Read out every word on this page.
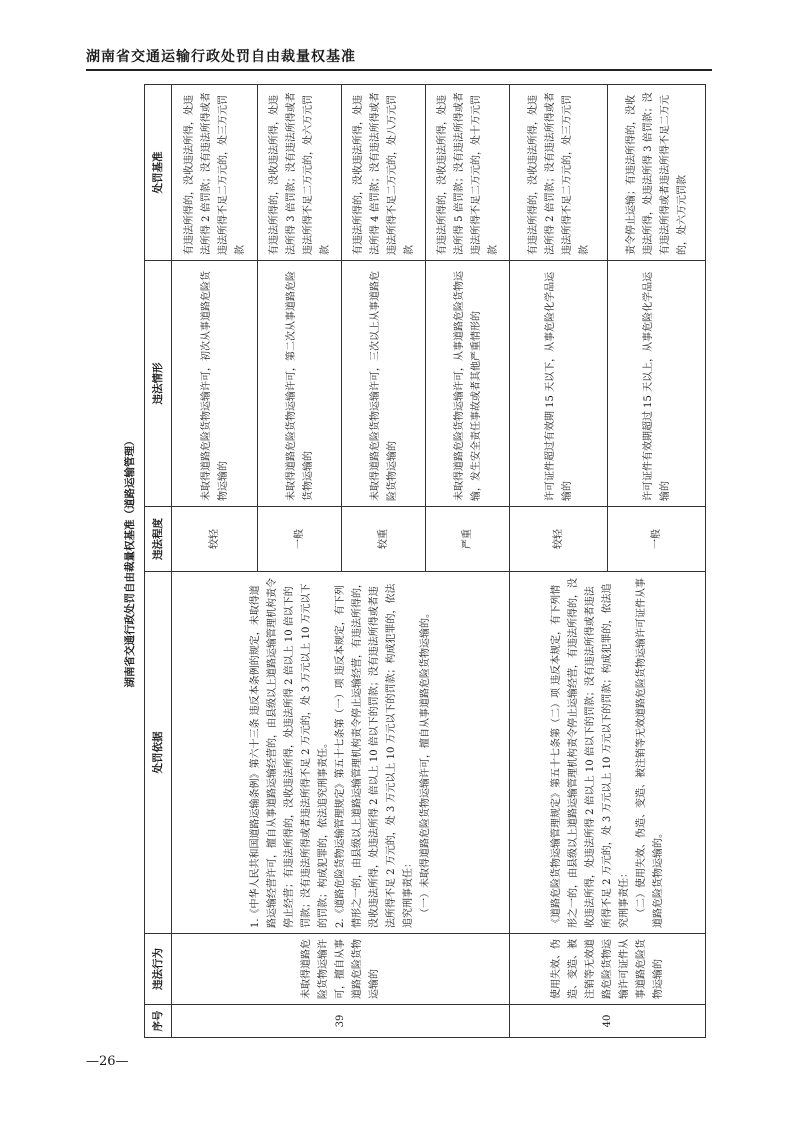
湖南省交通运输行政处罚自由裁量权基准
湖南省交通行政处罚自由裁量权基准（道路运输管理）
序号	违法行为	处罚依据	违法程度	违法情形	处罚基准
39	未取得道路危险货物运输许可，擅自从事道路危险货物运输的	1.《中华人民共和国道路运输条例》第六十三条 违反本条例的规定，未取得道路运输经营许可，擅自从事道路运输经营的，由县级以上道路运输管理机构责令停止经营；有违法所得的，没收违法所得，处违法所得 2 倍以上 10 倍以下的罚款；没有违法所得或者违法所得不足 2 万元的，处 3 万元以上 10 万元以下的罚款；构成犯罪的，依法追究刑事责任。 2.《道路危险货物运输管理规定》第五十七条第（一）项 违反本规定，有下列情形之一的，由县级以上道路运输管理机构责令停止运输经营，有违法所得的，没收违法所得，处违法所得 2 倍以上 10 倍以下的罚款；没有违法所得或者违法所得不足 2 万元的，处 3 万元以上 10 万元以下的罚款；构成犯罪的，依法追究刑事责任： （一）未取得道路危险货物运输许可，擅自从事道路危险货物运输的。	较轻	未取得道路危险货物运输许可，初次从事道路危险货物运输的	有违法所得的，没收违法所得，处违法所得 2 倍罚款；没有违法所得或者违法所得不足二万元的，处三万元罚款
			一般	未取得道路危险货物运输许可，第二次从事道路危险货物运输的	有违法所得的，没收违法所得，处违法所得 3 倍罚款；没有违法所得或者违法所得不足二万元的，处六万元罚款
			较重	未取得道路危险货物运输许可，三次以上从事道路危险货物运输的	有违法所得的，没收违法所得，处违法所得 4 倍罚款；没有违法所得或者违法所得不足二万元的，处八万元罚款
			严重	未取得道路危险货物运输许可，从事道路危险货物运输，发生安全责任事故或者其他严重情形的	有违法所得的，没收违法所得，处违法所得 5 倍罚款；没有违法所得或者违法所得不足二万元的，处十万元罚款
40	使用失效、伪造、变造、被注销等无效道路危险货物运输许可证件从事道路危险货物运输的	《道路危险货物运输管理规定》第五十七条第（二）项 违反本规定，有下列情形之一的，由县级以上道路运输管理机构责令停止运输经营，有违法所得的，没收违法所得，处违法所得 2 倍以上 10 倍以下的罚款；没有违法所得或者违法所得不足 2 万元的，处 3 万元以上 10 万元以下的罚款；构成犯罪的，依法追究刑事责任： （二）使用失效、伪造、变造、被注销等无效道路危险货物运输许可证件从事道路危险货物运输的。	较轻	许可证件超过有效期 15 天以下，从事危险化学品运输的	有违法所得的，没收违法所得，处违法所得 2 倍罚款；没有违法所得或者违法所得不足二万元的，处三万元罚款
			一般	许可证件有效期超过 15 天以上，从事危险化学品运输的	责令停止运输；有违法所得的，没收违法所得，处违法所得 3 倍罚款；没有违法所得或者违法所得不足二万元的，处六万元罚款
—26—
